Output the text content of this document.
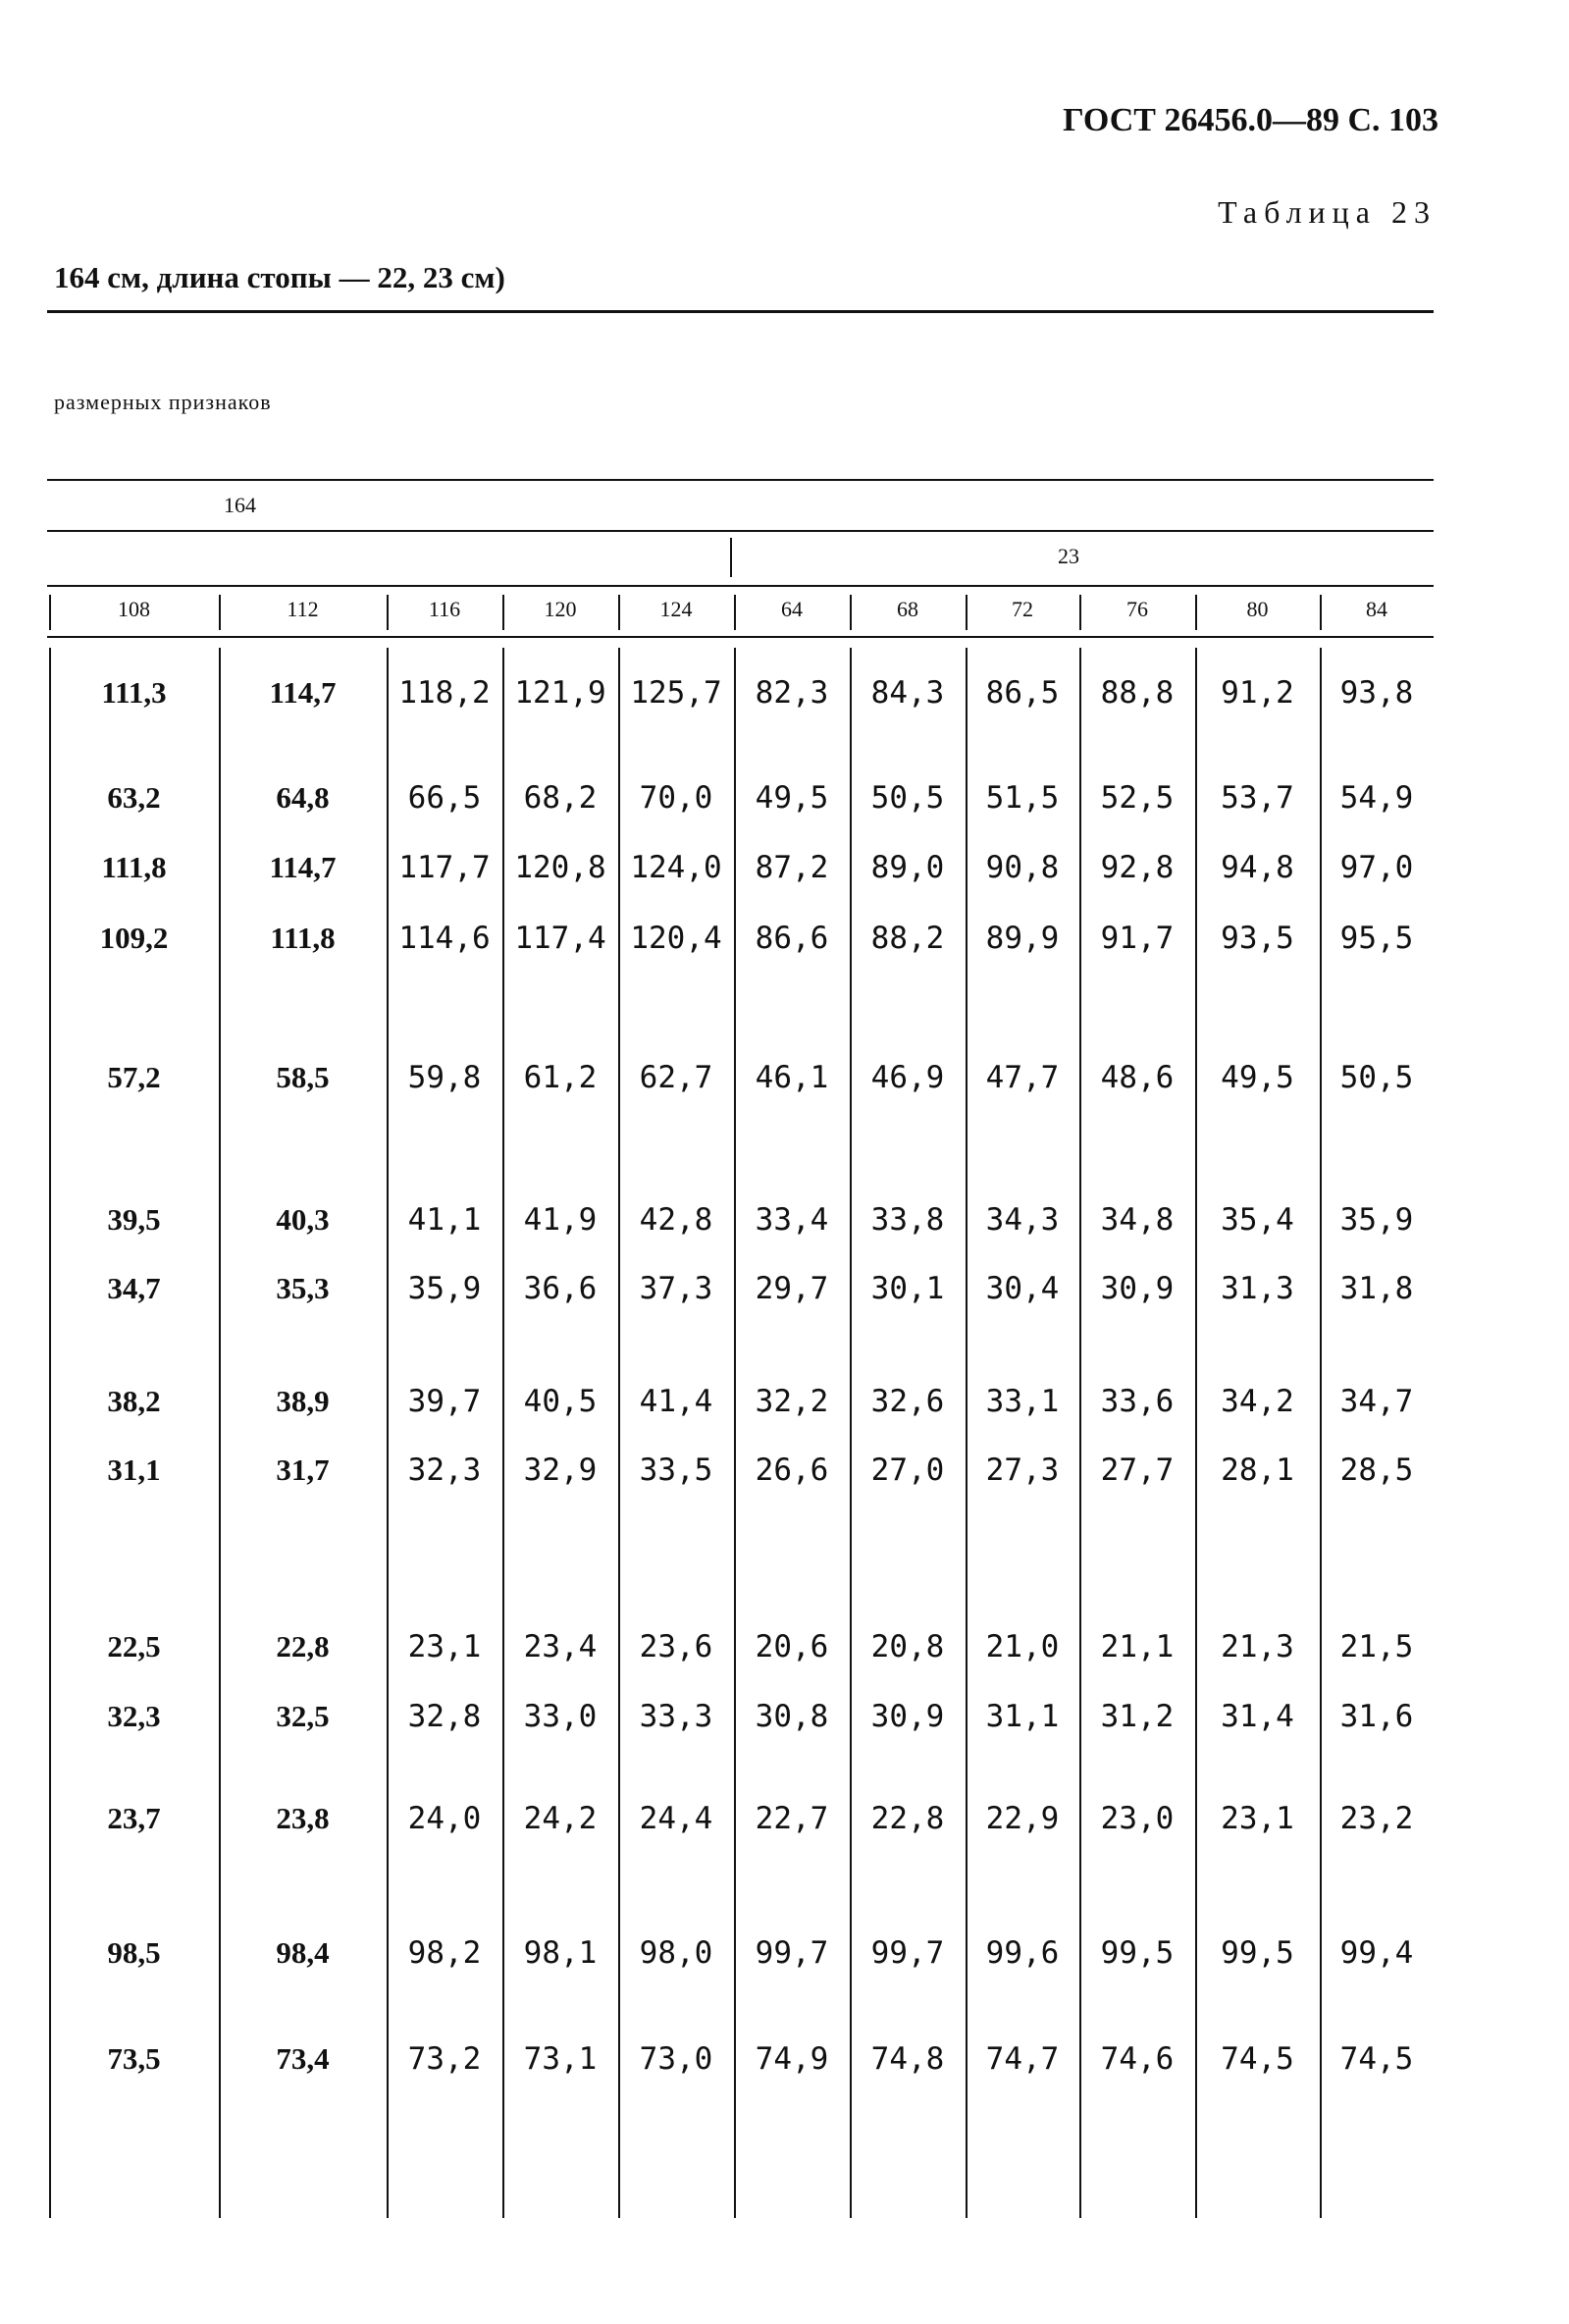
ГОСТ 26456.0—89 С. 103
Таблица 23
164 см, длина стопы — 22, 23 см)
размерных признаков
164
23
108	112	116	120	124	64	68	72	76	80	84
111,3	114,7	118,2 121,9 125,7	82,3	84,3	86,5	88,8	91,2	93,8
63,2	64,8	66,5	68,2	70,0	49,5	50,5	51,5	52,5	53,7	54,9
111,8	114,7	117,7 120,8 124,0	87,2	89,0	90,8	92,8	94,8	97,0
109,2	111,8	114,6 117,4 120,4	86,6	88,2	89,9	91,7	93,5	95,5
57,2	58,5	59,8	61,2	62,7	46,1	46,9	47,7	48,6	49,5	50,5
39,5	40,3	41,1	41,9	42,8	33,4	33,8	34,3	34,8	35,4	35,9
34,7	35,3	35,9	36,6	37,3	29,7	30,1	30,4	30,9	31,3	31,8
38,2	38,9	39,7	40,5	41,4	32,2	32,6	33,1	33,6	34,2	34,7
31,1	31,7	32,3	32,9	33,5	26,6	27,0	27,3	27,7	28,1	28,5
22,5	22,8	23,1	23,4	23,6	20,6	20,8	21,0	21,1	21,3	21,5
32,3	32,5	32,8	33,0	33,3	30,8	30,9	31,1	31,2	31,4	31,6
23,7	23,8	24,0	24,2	24,4	22,7	22,8	22,9	23,0	23,1	23,2
98,5	98,4	98,2	98,1	98,0	99,7	99,7	99,6	99,5	99,5	99,4
73,5	73,4	73,2	73,1	73,0	74,9	74,8	74,7	74,6	74,5	74,5
